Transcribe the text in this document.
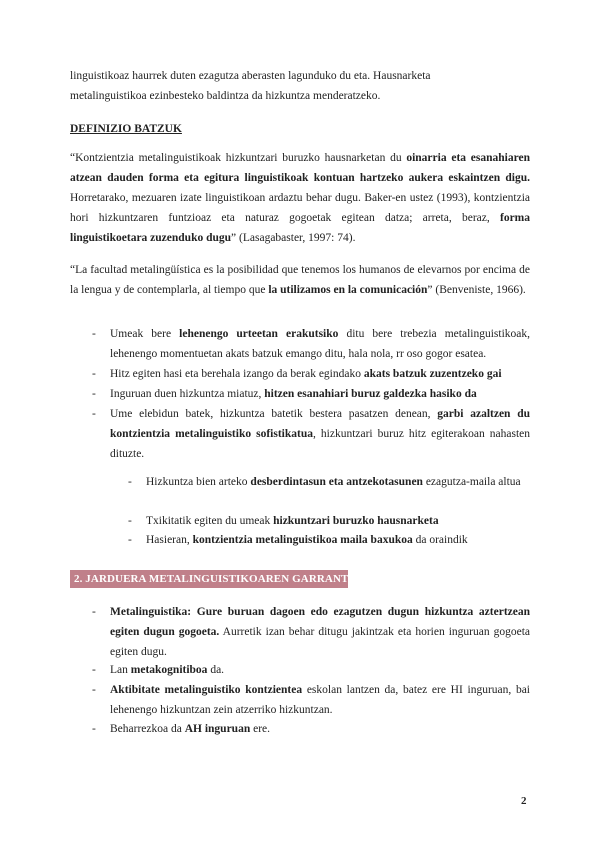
linguistikoaz haurrek duten ezagutza aberasten lagunduko du eta. Hausnarketa

metalinguistikoa ezinbesteko baldintza da hizkuntza menderatzeko.

DEFINIZIO BATZUK

“Kontzientzia metalinguistikoak hizkuntzari buruzko hausnarketan du oinarria eta esanahiaren atzean dauden forma eta egitura linguistikoak kontuan hartzeko aukera eskaintzen digu. Horretarako, mezuaren izate linguistikoan ardaztu behar dugu. Baker-en ustez (1993), kontzientzia hori hizkuntzaren funtzioaz eta naturaz gogoetak egitean datza; arreta, beraz, forma linguistikoetara zuzenduko dugu” (Lasagabaster, 1997: 74).

“La facultad metalingüística es la posibilidad que tenemos los humanos de elevarnos por encima de la lengua y de contemplarla, al tiempo que la utilizamos en la comunicación” (Benveniste, 1966).

- Umeak bere lehenengo urteetan erakutsiko ditu bere trebezia metalinguistikoak, lehenengo momentuetan akats batzuk emango ditu, hala nola, rr oso gogor esatea.

- Hitz egiten hasi eta berehala izango da berak egindako akats batzuk zuzentzeko gai

- Inguruan duen hizkuntza miatuz, hitzen esanahiari buruz galdezka hasiko da

- Ume elebidun batek, hizkuntza batetik bestera pasatzen denean, garbi azaltzen du kontzientzia metalinguistiko sofistikatua, hizkuntzari buruz hitz egiterakoan nahasten dituzte.

- Hizkuntza bien arteko desberdintasun eta antzekotasunen ezagutza-maila altua

- Txikitatik egiten du umeak hizkuntzari buruzko hausnarketa

- Hasieran, kontzientzia metalinguistikoa maila baxukoa da oraindik

2. JARDUERA METALINGUISTIKOAREN GARRANTZIA

- Metalinguistika: Gure buruan dagoen edo ezagutzen dugun hizkuntza aztertzean egiten dugun gogoeta. Aurretik izan behar ditugu jakintzak eta horien inguruan gogoeta egiten dugu.

- Lan metakognitiboa da.

- Aktibitate metalinguistiko kontzientea eskolan lantzen da, batez ere HI inguruan, bai lehenengo hizkuntzan zein atzerriko hizkuntzan.

- Beharrezkoa da AH inguruan ere.

2
